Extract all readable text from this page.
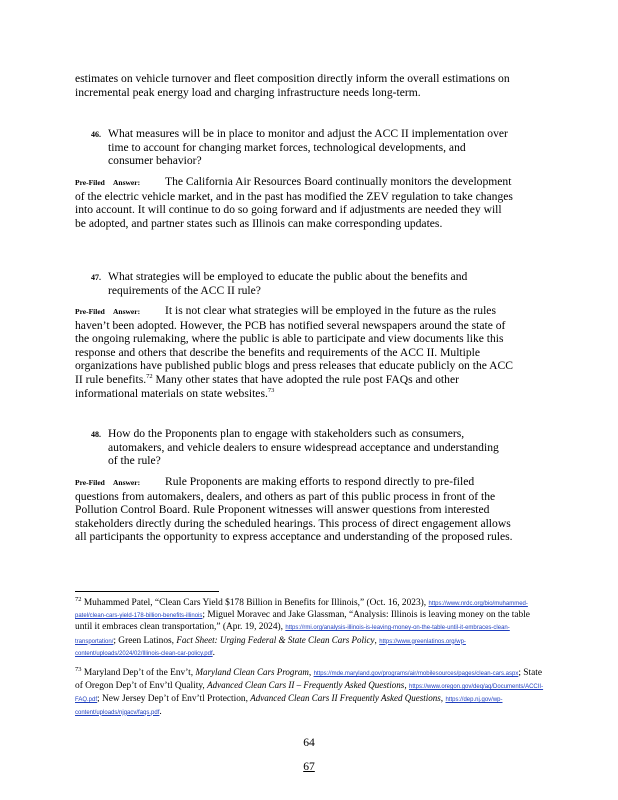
estimates on vehicle turnover and fleet composition directly inform the overall estimations on incremental peak energy load and charging infrastructure needs long-term.
46. What measures will be in place to monitor and adjust the ACC II implementation over time to account for changing market forces, technological developments, and consumer behavior?
Pre-Filed Answer: The California Air Resources Board continually monitors the development of the electric vehicle market, and in the past has modified the ZEV regulation to take changes into account. It will continue to do so going forward and if adjustments are needed they will be adopted, and partner states such as Illinois can make corresponding updates.
47. What strategies will be employed to educate the public about the benefits and requirements of the ACC II rule?
Pre-Filed Answer: It is not clear what strategies will be employed in the future as the rules haven’t been adopted. However, the PCB has notified several newspapers around the state of the ongoing rulemaking, where the public is able to participate and view documents like this response and others that describe the benefits and requirements of the ACC II. Multiple organizations have published public blogs and press releases that educate publicly on the ACC II rule benefits.$^{72}$ Many other states that have adopted the rule post FAQs and other informational materials on state websites.$^{73}$
48. How do the Proponents plan to engage with stakeholders such as consumers, automakers, and vehicle dealers to ensure widespread acceptance and understanding of the rule?
Pre-Filed Answer: Rule Proponents are making efforts to respond directly to pre-filed questions from automakers, dealers, and others as part of this public process in front of the Pollution Control Board. Rule Proponent witnesses will answer questions from interested stakeholders directly during the scheduled hearings. This process of direct engagement allows all participants the opportunity to express acceptance and understanding of the proposed rules.
$^{72}$ Muhammed Patel, “Clean Cars Yield $178 Billion in Benefits for Illinois,” (Oct. 16, 2023), https://www.nrdc.org/bio/muhammed-patel/clean-cars-yield-178-billion-benefits-illinois; Miguel Moravec and Jake Glassman, “Analysis: Illinois is leaving money on the table until it embraces clean transportation,” (Apr. 19, 2024), https://rmi.org/analysis-illinois-is-leaving-money-on-the-table-until-it-embraces-clean-transportation/; Green Latinos, Fact Sheet: Urging Federal & State Clean Cars Policy, https://www.greenlatinos.org/wp-content/uploads/2024/02/Illinois-clean-car-policy.pdf.
$^{73}$ Maryland Dep’t of the Env’t, Maryland Clean Cars Program, https://mde.maryland.gov/programs/air/mobilesources/pages/clean-cars.aspx; State of Oregon Dep’t of Env’tl Quality, Advanced Clean Cars II – Frequently Asked Questions, https://www.oregon.gov/deq/aq/Documents/ACCII-FAQ.pdf; New Jersey Dep’t of Env’tl Protection, Advanced Clean Cars II Frequently Asked Questions, https://dep.nj.gov/wp-content/uploads/njgacv/faqs.pdf.
64
67
